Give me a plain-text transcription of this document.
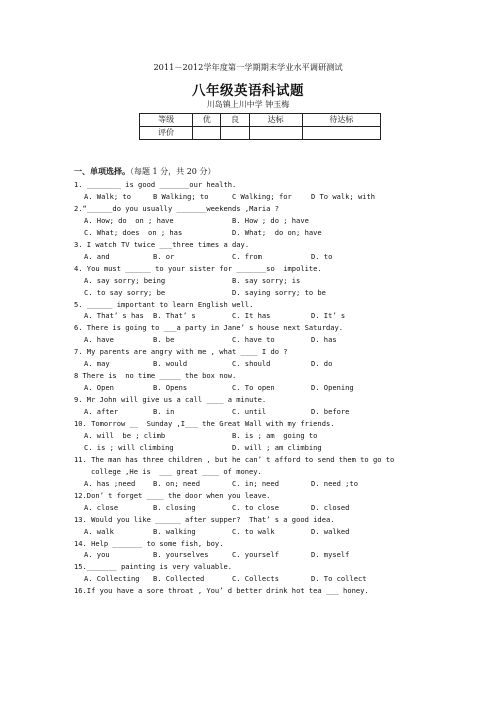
2011－2012学年度第一学期期末学业水平调研测试
八年级英语科试题
川岛镇上川中学 钟玉梅
等级	优	良	达标	待达标
评价				
一、单项选择。（每题 1 分，共 20 分）
1. ________ is good _______our health.
A. Walk; to	B Walking; to	C Walking; for	D To walk; with
2.“______do you usually _______weekends ,Maria ?
A. How; do  on ; have	B. How ; do ; have
C. What; does  on ; has	D. What;  do on; have
3. I watch TV twice ___three times a day.
A. and	B. or	C. from	D. to
4. You must ______ to your sister for _______so  impolite.
A. say sorry; being	B. say sorry; is
C. to say sorry; be	D. saying sorry; to be
5. ______ important to learn English well.
A. That’ s has B. That’ s	C. It has	D. It’ s
6. There is going to ___a party in Jane’ s house next Saturday.
A. have	B. be	C. have to	D. has
7. My parents are angry with me , what ____ I do ?
A. may	B. would	C. should	D. do
8 There is  no time _____ the box now.
A. Open	B. Opens	C. To open	D. Opening
9. Mr John will give us a call ____ a minute.
A. after	B. in	C. until	D. before
10. Tomorrow __  Sunday ,I___ the Great Wall with my friends.
A. will  be ; climb	B. is ; am  going to
C. is ; will climbing	D. will ; am climbing
11. The man has three children , but he can’ t afford to send them to go to
college ,He is  ___ great ____ of money.
A. has ;need	B. on; need	C. in; need	D. need ;to
12.Don’ t forget ____ the door when you leave.
A. close	B. closing	C. to close	D. closed
13. Would you like ______ after supper?  That’ s a good idea.
A. walk	B. walking	C. to walk	D. walked
14. Help _______ to some fish, boy.
A. you	B. yourselves	C. yourself	D. myself
15._______ painting is very valuable.
A. Collecting B. Collected	C. Collects	D. To collect
16.If you have a sore throat , You’ d better drink hot tea ___ honey.
